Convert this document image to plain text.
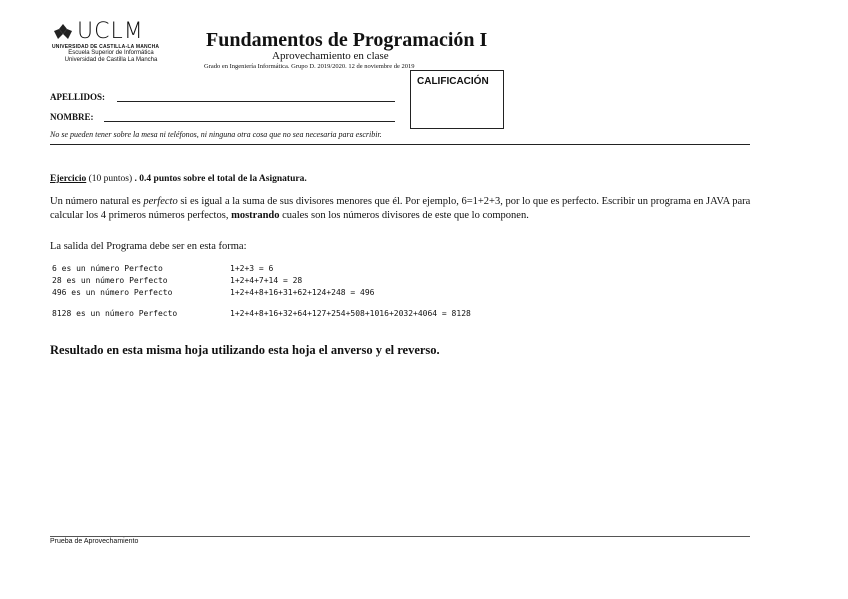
UCLM
UNIVERSIDAD DE CASTILLA-LA MANCHA
Escuela Superior de Informática
Universidad de Castilla La Mancha
Fundamentos de Programación I
Aprovechamiento en clase
Grado en Ingeniería Informática. Grupo D. 2019/2020. 12 de noviembre de 2019
CALIFICACIÓN
APELLIDOS:
NOMBRE:
No se pueden tener sobre la mesa ni teléfonos, ni ninguna otra cosa que no sea necesaria para escribir.
Ejercicio (10 puntos) . 0.4 puntos sobre el total de la Asignatura.
Un número natural es perfecto si es igual a la suma de sus divisores menores que él. Por ejemplo, 6=1+2+3, por lo que es perfecto. Escribir un programa en JAVA para calcular los 4 primeros números perfectos, mostrando cuales son los números divisores de este que lo componen.
La salida del Programa debe ser en esta forma:
6 es un número Perfecto	1+2+3 = 6
28 es un número Perfecto	1+2+4+7+14 = 28
496 es un número Perfecto	1+2+4+8+16+31+62+124+248 = 496
8128 es un número Perfecto	1+2+4+8+16+32+64+127+254+508+1016+2032+4064 = 8128
Resultado en esta misma hoja utilizando esta hoja el anverso y el reverso.
Prueba de Aprovechamiento
